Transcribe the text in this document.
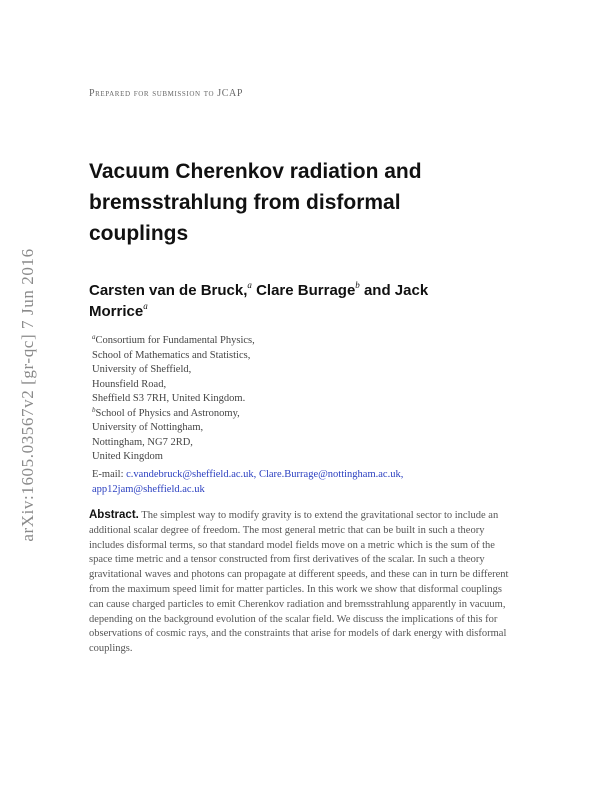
arXiv:1605.03567v2 [gr-qc] 7 Jun 2016
Prepared for submission to JCAP
Vacuum Cherenkov radiation and
bremsstrahlung from disformal
couplings
Carsten van de Bruck,$^a$ Clare Burrage$^b$ and Jack
Morrice$^a$
$^a$Consortium for Fundamental Physics,
School of Mathematics and Statistics,
University of Sheffield,
Hounsfield Road,
Sheffield S3 7RH, United Kingdom.
$^b$School of Physics and Astronomy,
University of Nottingham,
Nottingham, NG7 2RD,
United Kingdom
E-mail: c.vandebruck@sheffield.ac.uk, Clare.Burrage@nottingham.ac.uk,
app12jam@sheffield.ac.uk
Abstract. The simplest way to modify gravity is to extend the gravitational sector to include an additional scalar degree of freedom. The most general metric that can be built in such a theory includes disformal terms, so that standard model fields move on a metric which is the sum of the space time metric and a tensor constructed from first derivatives of the scalar. In such a theory gravitational waves and photons can propagate at different speeds, and these can in turn be different from the maximum speed limit for matter particles. In this work we show that disformal couplings can cause charged particles to emit Cherenkov radiation and bremsstrahlung apparently in vacuum, depending on the background evolution of the scalar field. We discuss the implications of this for observations of cosmic rays, and the constraints that arise for models of dark energy with disformal couplings.
